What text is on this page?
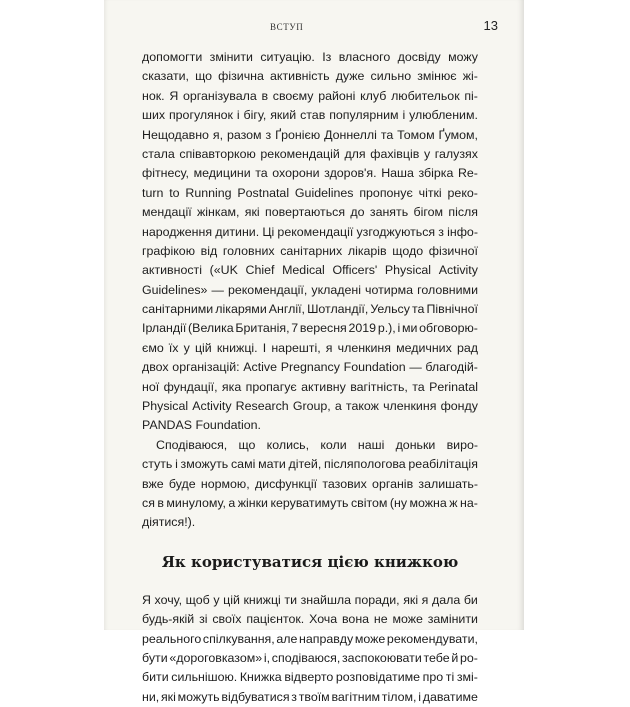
ВСТУП	13
допомогти змінити ситуацію. Із власного досвіду можу
сказати, що фізична активність дуже сильно змінює жі-
нок. Я організувала в своєму районі клуб любительок пі-
ших прогулянок і бігу, який став популярним і улюбленим.
Нещодавно я, разом з Ґронією Доннеллі та Томом Ґумом,
стала співавторкою рекомендацій для фахівців у галузях
фітнесу, медицини та охорони здоров'я. Наша збірка Re-
turn to Running Postnatal Guidelines пропонує чіткі реко-
мендації жінкам, які повертаються до занять бігом після
народження дитини. Ці рекомендації узгоджуються з інфо-
графікою від головних санітарних лікарів щодо фізичної
активності («UK Chief Medical Officers' Physical Activity
Guidelines» — рекомендації, укладені чотирма головними
санітарними лікарями Англії, Шотландії, Уельсу та Північної
Ірландії (Велика Британія, 7 вересня 2019 р.), і ми обговорю-
ємо їх у цій книжці. І нарешті, я членкиня медичних рад
двох організацій: Active Pregnancy Foundation — благодій-
ної фундації, яка пропагує активну вагітність, та Perinatal
Physical Activity Research Group, а також членкиня фонду
PANDAS Foundation.
Сподіваюся, що колись, коли наші доньки виро-
стуть і зможуть самі мати дітей, післяпологова реабілітація
вже буде нормою, дисфункції тазових органів залишать-
ся в минулому, а жінки керуватимуть світом (ну можна ж на-
діятися!).
Як користуватися цією книжкою
Я хочу, щоб у цій книжці ти знайшла поради, які я дала би
будь-якій зі своїх пацієнток. Хоча вона не може замінити
реального спілкування, але направду може рекомендувати,
бути «дороговказом» і, сподіваюся, заспокоювати тебе й ро-
бити сильнішою. Книжка відверто розповідатиме про ті змі-
ни, які можуть відбуватися з твоїм вагітним тілом, і даватиме
